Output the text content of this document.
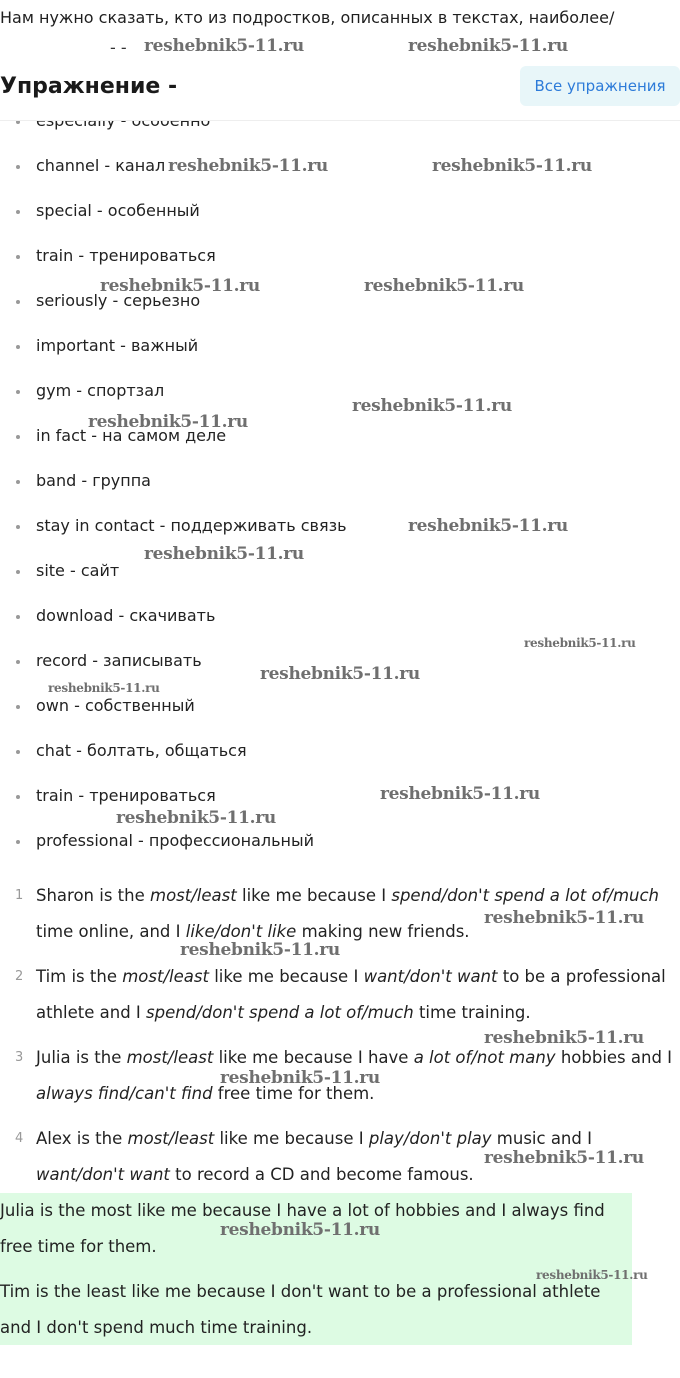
Нам нужно сказать, кто из подростков, описанных в текстах, наиболее/
- -
Упражнение -	Все упражнения
channel - канал
special - особенный
train - тренироваться
seriously - серьезно
important - важный
gym - спортзал
in fact - на самом деле
band - группа
stay in contact - поддерживать связь
site - сайт
download - скачивать
record - записывать
own - собственный
chat - болтать, общаться
train - тренироваться
professional - профессиональный
1 Sharon is the most/least like me because I spend/don't spend a lot of/much time online, and I like/don't like making new friends.
2 Tim is the most/least like me because I want/don't want to be a professional athlete and I spend/don't spend a lot of/much time training.
3 Julia is the most/least like me because I have a lot of/not many hobbies and I always find/can't find free time for them.
4 Alex is the most/least like me because I play/don't play music and I want/don't want to record a CD and become famous.

Julia is the most like me because I have a lot of hobbies and I always find free time for them.

Tim is the least like me because I don't want to be a professional athlete and I don't spend much time training.

reshebnik5-11.ru	reshebnik5-11.ru
reshebnik5-11.ru	reshebnik5-11.ru
reshebnik5-11.ru	reshebnik5-11.ru
reshebnik5-11.ru
reshebnik5-11.ru
reshebnik5-11.ru
reshebnik5-11.ru
reshebnik5-11.ru
reshebnik5-11.ru
reshebnik5-11.ru
reshebnik5-11.ru
reshebnik5-11.ru
reshebnik5-11.ru
reshebnik5-11.ru
reshebnik5-11.ru
reshebnik5-11.ru
reshebnik5-11.ru
reshebnik5-11.ru
reshebnik5-11.ru
